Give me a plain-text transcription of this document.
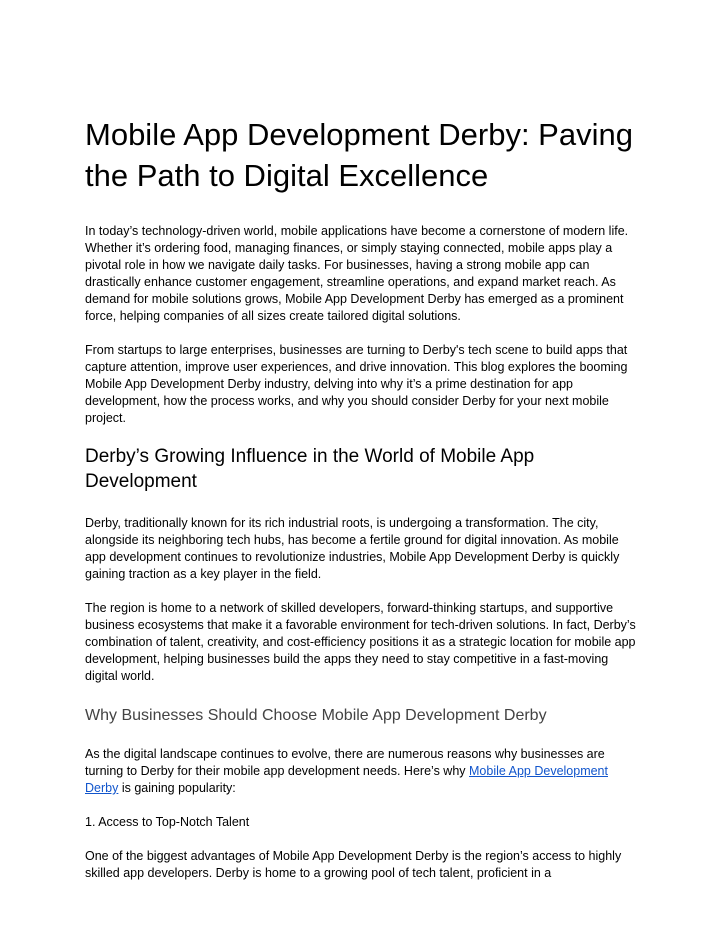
Mobile App Development Derby: Paving the Path to Digital Excellence

In today’s technology-driven world, mobile applications have become a cornerstone of modern life. Whether it’s ordering food, managing finances, or simply staying connected, mobile apps play a pivotal role in how we navigate daily tasks. For businesses, having a strong mobile app can drastically enhance customer engagement, streamline operations, and expand market reach. As demand for mobile solutions grows, Mobile App Development Derby has emerged as a prominent force, helping companies of all sizes create tailored digital solutions.

From startups to large enterprises, businesses are turning to Derby's tech scene to build apps that capture attention, improve user experiences, and drive innovation. This blog explores the booming Mobile App Development Derby industry, delving into why it’s a prime destination for app development, how the process works, and why you should consider Derby for your next mobile project.

Derby’s Growing Influence in the World of Mobile App Development

Derby, traditionally known for its rich industrial roots, is undergoing a transformation. The city, alongside its neighboring tech hubs, has become a fertile ground for digital innovation. As mobile app development continues to revolutionize industries, Mobile App Development Derby is quickly gaining traction as a key player in the field.

The region is home to a network of skilled developers, forward-thinking startups, and supportive business ecosystems that make it a favorable environment for tech-driven solutions. In fact, Derby’s combination of talent, creativity, and cost-efficiency positions it as a strategic location for mobile app development, helping businesses build the apps they need to stay competitive in a fast-moving digital world.

Why Businesses Should Choose Mobile App Development Derby

As the digital landscape continues to evolve, there are numerous reasons why businesses are turning to Derby for their mobile app development needs. Here’s why Mobile App Development Derby is gaining popularity:

1. Access to Top-Notch Talent

One of the biggest advantages of Mobile App Development Derby is the region’s access to highly skilled app developers. Derby is home to a growing pool of tech talent, proficient in a
